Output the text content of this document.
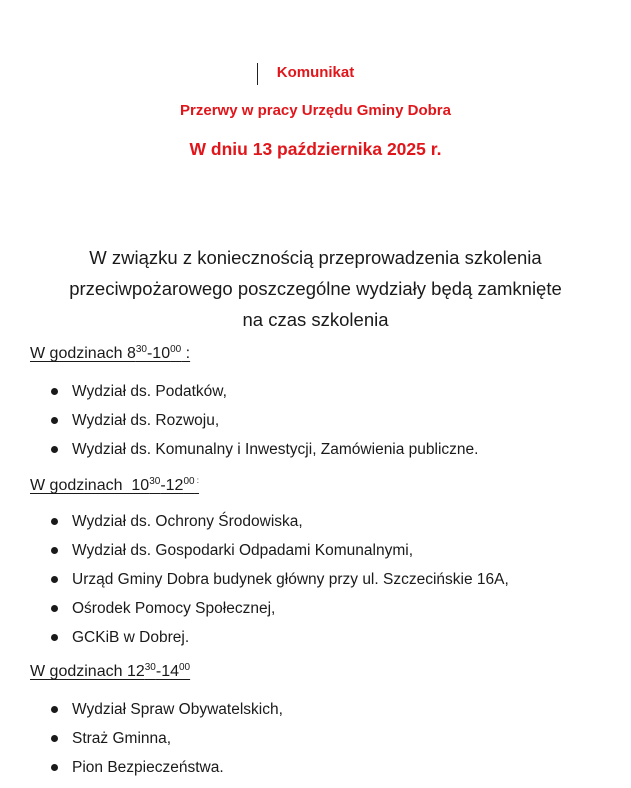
Komunikat
Przerwy w pracy Urzędu Gminy Dobra
W dniu 13 października 2025 r.
W związku z koniecznością przeprowadzenia szkolenia
przeciwpożarowego poszczególne wydziały będą zamknięte
na czas szkolenia
W godzinach $8^{30}-10^{00}$ :
Wydział ds. Podatków,
Wydział ds. Rozwoju,
Wydział ds. Komunalny i Inwestycji, Zamówienia publiczne.
W godzinach  $10^{30}-12^{00}$ :
Wydział ds. Ochrony Środowiska,
Wydział ds. Gospodarki Odpadami Komunalnymi,
Urząd Gminy Dobra budynek główny przy ul. Szczecińskie 16A,
Ośrodek Pomocy Społecznej,
GCKiB w Dobrej.
W godzinach $12^{30}-14^{00}$
Wydział Spraw Obywatelskich,
Straż Gminna,
Pion Bezpieczeństwa.
